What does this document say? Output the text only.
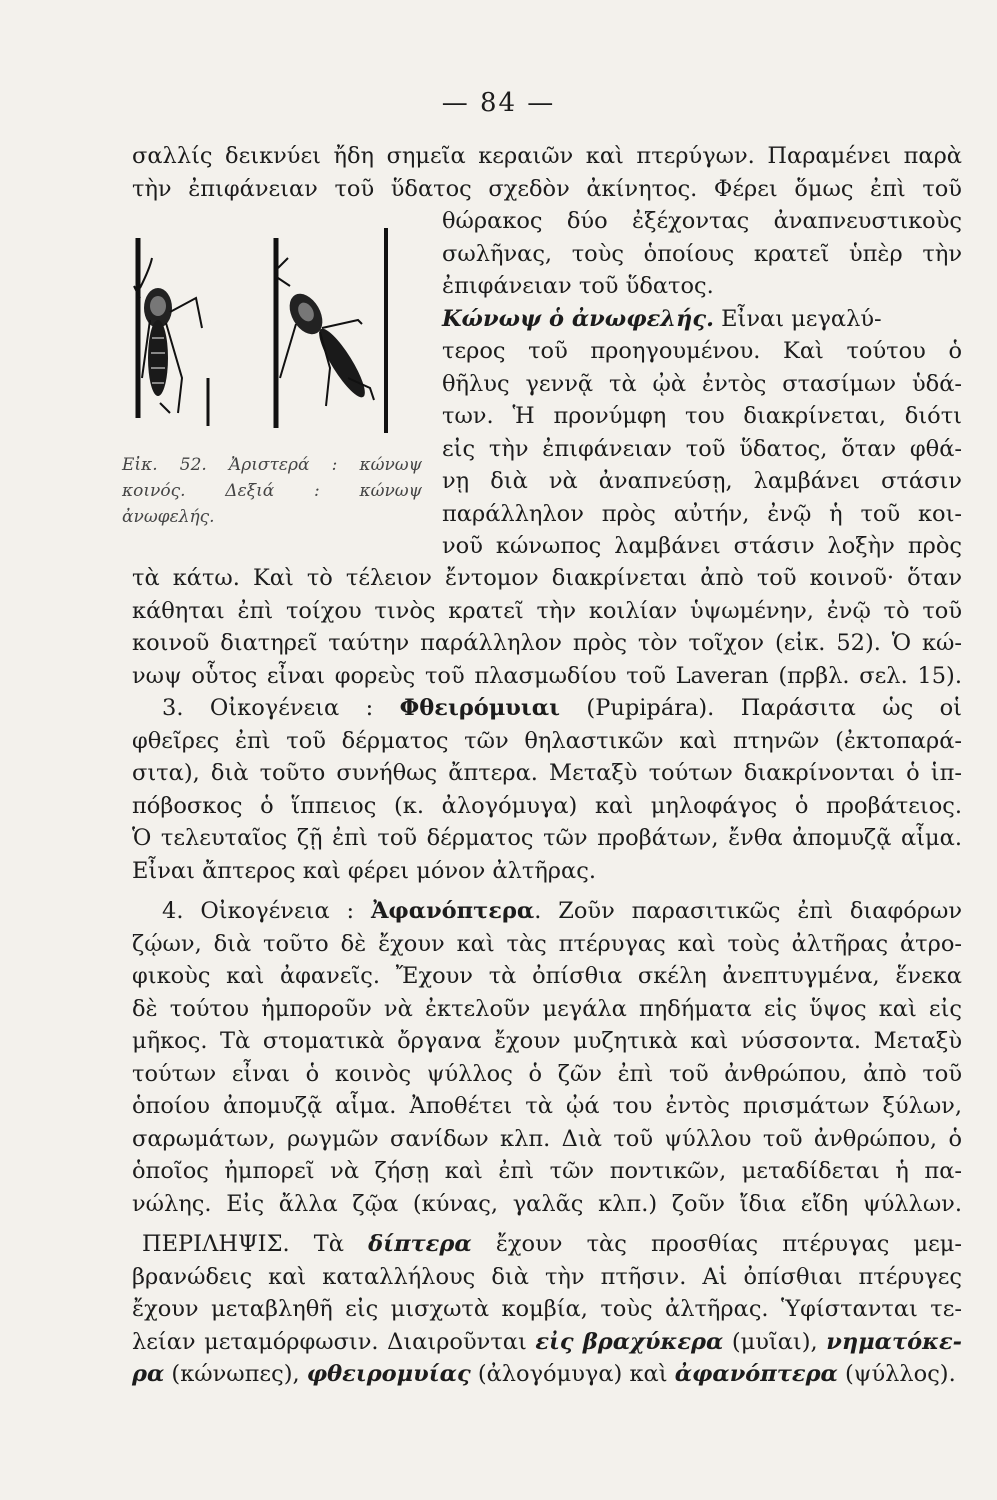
— 84 —
σαλλίς δεικνύει ἤδη σημεῖα κεραιῶν καὶ πτερύγων. Παραμένει παρὰ
τὴν ἐπιφάνειαν τοῦ ὕδατος σχεδὸν ἀκίνητος. Φέρει ὅμως ἐπὶ τοῦ
θώρακος δύο ἐξέχοντας ἀναπνευστικοὺς
σωλῆνας, τοὺς ὁποίους κρατεῖ ὑπὲρ τὴν
ἐπιφάνειαν τοῦ ὕδατος.
Κώνωψ ὁ ἀνωφελής. Εἶναι μεγαλύ-
τερος τοῦ προηγουμένου. Καὶ τούτου ὁ
θῆλυς γεννᾷ τὰ ᾠὰ ἐντὸς στασίμων ὑδά-
των. Ἡ προνύμφη του διακρίνεται, διότι
εἰς τὴν ἐπιφάνειαν τοῦ ὕδατος, ὅταν φθά-
νῃ διὰ νὰ ἀναπνεύσῃ, λαμβάνει στάσιν
παράλληλον πρὸς αὐτήν, ἐνῷ ἡ τοῦ κοι-
νοῦ κώνωπος λαμβάνει στάσιν λοξὴν πρὸς
Εἰκ. 52. Ἀριστερά : κώνωψ
κοινός. Δεξιά : κώνωψ
ἀνωφελής.
τὰ κάτω. Καὶ τὸ τέλειον ἔντομον διακρίνεται ἀπὸ τοῦ κοινοῦ· ὅταν
κάθηται ἐπὶ τοίχου τινὸς κρατεῖ τὴν κοιλίαν ὑψωμένην, ἐνῷ τὸ τοῦ
κοινοῦ διατηρεῖ ταύτην παράλληλον πρὸς τὸν τοῖχον (εἰκ. 52). Ὁ κώ-
νωψ οὗτος εἶναι φορεὺς τοῦ πλασμωδίου τοῦ Laveran (πρβλ. σελ. 15).
3. Οἰκογένεια : Φθειρόμυιαι (Pupipára). Παράσιτα ὡς οἱ
φθεῖρες ἐπὶ τοῦ δέρματος τῶν θηλαστικῶν καὶ πτηνῶν (ἐκτοπαρά-
σιτα), διὰ τοῦτο συνήθως ἄπτερα. Μεταξὺ τούτων διακρίνονται ὁ ἱπ-
πόβοσκος ὁ ἵππειος (κ. ἀλογόμυγα) καὶ μηλοφάγος ὁ προβάτειος.
Ὁ τελευταῖος ζῇ ἐπὶ τοῦ δέρματος τῶν προβάτων, ἔνθα ἀπομυζᾷ αἷμα.
Εἶναι ἄπτερος καὶ φέρει μόνον ἀλτῆρας.
4. Οἰκογένεια : Ἀφανόπτερα. Ζοῦν παρασιτικῶς ἐπὶ διαφόρων
ζῴων, διὰ τοῦτο δὲ ἔχουν καὶ τὰς πτέρυγας καὶ τοὺς ἀλτῆρας ἀτρο-
φικοὺς καὶ ἀφανεῖς. Ἔχουν τὰ ὀπίσθια σκέλη ἀνεπτυγμένα, ἕνεκα
δὲ τούτου ἠμποροῦν νὰ ἐκτελοῦν μεγάλα πηδήματα εἰς ὕψος καὶ εἰς
μῆκος. Τὰ στοματικὰ ὄργανα ἔχουν μυζητικὰ καὶ νύσσοντα. Μεταξὺ
τούτων εἶναι ὁ κοινὸς ψύλλος ὁ ζῶν ἐπὶ τοῦ ἀνθρώπου, ἀπὸ τοῦ
ὁποίου ἀπομυζᾷ αἷμα. Ἀποθέτει τὰ ᾠά του ἐντὸς πρισμάτων ξύλων,
σαρωμάτων, ρωγμῶν σανίδων κλπ. Διὰ τοῦ ψύλλου τοῦ ἀνθρώπου, ὁ
ὁποῖος ἠμπορεῖ νὰ ζήσῃ καὶ ἐπὶ τῶν ποντικῶν, μεταδίδεται ἡ πα-
νώλης. Εἰς ἄλλα ζῷα (κύνας, γαλᾶς κλπ.) ζοῦν ἴδια εἴδη ψύλλων.
ΠΕΡΙΛΗΨΙΣ. Τὰ δίπτερα ἔχουν τὰς προσθίας πτέρυγας μεμ-
βρανώδεις καὶ καταλλήλους διὰ τὴν πτῆσιν. Αἱ ὀπίσθιαι πτέρυγες
ἔχουν μεταβληθῆ εἰς μισχωτὰ κομβία, τοὺς ἀλτῆρας. Ὑφίστανται τε-
λείαν μεταμόρφωσιν. Διαιροῦνται εἰς βραχύκερα (μυῖαι), νηματόκε-
ρα (κώνωπες), φθειρομυίας (ἀλογόμυγα) καὶ ἀφανόπτερα (ψύλλος).
